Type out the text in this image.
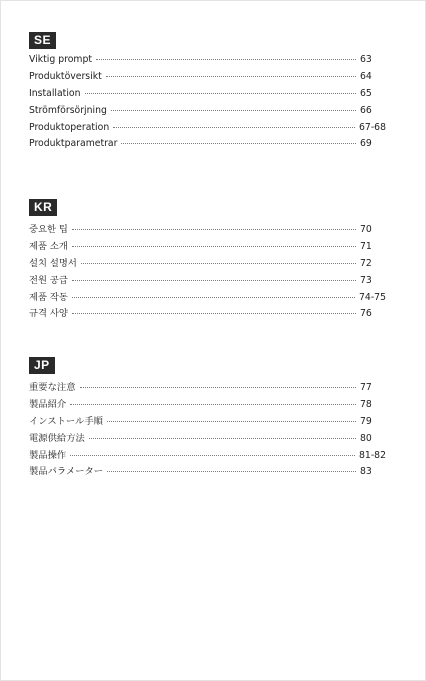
SE
Viktig prompt	63
Produktöversikt	64
Installation	65
Strömförsörjning	66
Produktoperation	67-68
Produktparametrar	69
KR
중요한 팁	70
제품 소개	71
설치 설명서	72
전원 공급	73
제품 작동	74-75
규격 사양	76
JP
重要な注意	77
製品紹介	78
インストール手順	79
電源供給方法	80
製品操作	81-82
製品パラメーター	83
